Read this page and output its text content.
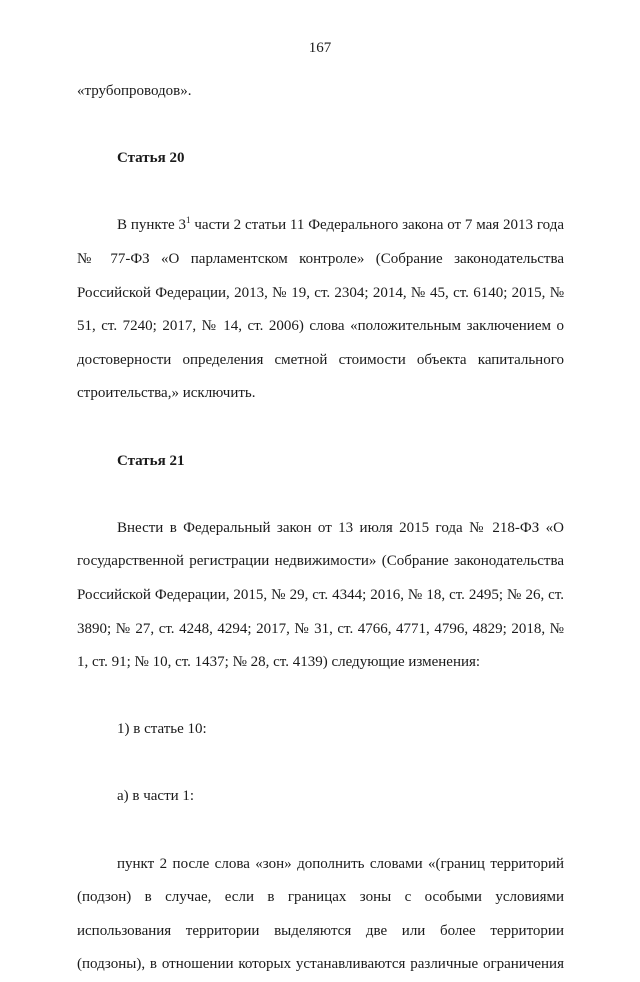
167

«трубопроводов».

Статья 20

В пункте $3^1$ части 2 статьи 11 Федерального закона от 7 мая 2013 года № 77-ФЗ «О парламентском контроле» (Собрание законодательства Российской Федерации, 2013, № 19, ст. 2304; 2014, № 45, ст. 6140; 2015, № 51, ст. 7240; 2017, № 14, ст. 2006) слова «положительным заключением о достоверности определения сметной стоимости объекта капитального строительства,» исключить.

Статья 21

Внести в Федеральный закон от 13 июля 2015 года № 218-ФЗ «О государственной регистрации недвижимости» (Собрание законодательства Российской Федерации, 2015, № 29, ст. 4344; 2016, № 18, ст. 2495; № 26, ст. 3890; № 27, ст. 4248, 4294; 2017, № 31, ст. 4766, 4771, 4796, 4829; 2018, № 1, ст. 91; № 10, ст. 1437; № 28, ст. 4139) следующие изменения:

1) в статье 10:

а) в части 1:

пункт 2 после слова «зон» дополнить словами «(границ территорий (подзон) в случае, если в границах зоны с особыми условиями использования территории выделяются две или более территории (подзоны), в отношении которых устанавливаются различные ограничения
